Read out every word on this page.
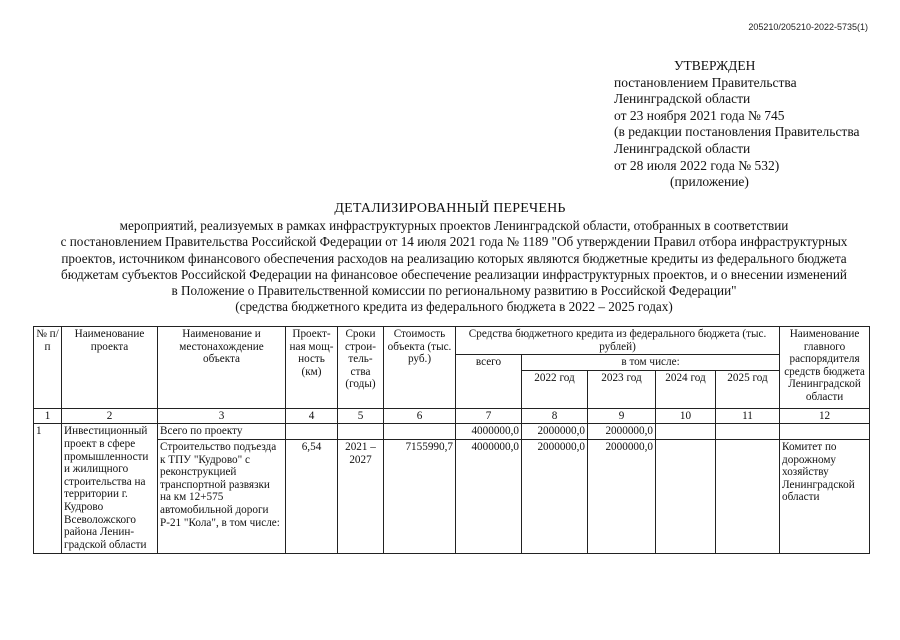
205210/205210-2022-5735(1)
УТВЕРЖДЕН
постановлением Правительства
Ленинградской области
от 23 ноября 2021 года № 745
(в редакции постановления Правительства
Ленинградской области
от 28 июля 2022 года № 532)
(приложение)
ДЕТАЛИЗИРОВАННЫЙ ПЕРЕЧЕНЬ
мероприятий, реализуемых в рамках инфраструктурных проектов Ленинградской области, отобранных в соответствии
с постановлением Правительства Российской Федерации от 14 июля 2021 года № 1189 "Об утверждении Правил отбора инфраструктурных
проектов, источником финансового обеспечения расходов на реализацию которых являются бюджетные кредиты из федерального бюджета
бюджетам субъектов Российской Федерации на финансовое обеспечение реализации инфраструктурных проектов, и о внесении изменений
в Положение о Правительственной комиссии по региональному развитию в Российской Федерации"
(средства бюджетного кредита из федерального бюджета в 2022 – 2025 годах)
№ п/п	Наименование проекта	Наименование и местонахождение объекта	Проект-ная мощ-ность (км)	Сроки строи-тель-ства (годы)	Стоимость объекта (тыс. руб.)	Средства бюджетного кредита из федерального бюджета (тыс. рублей)					Наименование главного распорядителя средств бюджета Ленинградской области
						всего	в том числе:				
							2022 год	2023 год	2024 год	2025 год	
1	2	3	4	5	6	7	8	9	10	11	12
1	Инвестиционный проект в сфере промышленности и жилищного строительства на территории г. Кудрово Всеволожского района Ленин-градской области	Всего по проекту				4000000,0	2000000,0	2000000,0			
		Строительство подъезда к ТПУ "Кудрово" с реконструкцией транспортной развязки на км 12+575 автомобильной дороги Р-21 "Кола", в том числе:	6,54	2021 – 2027	7155990,7	4000000,0	2000000,0	2000000,0			Комитет по дорожному хозяйству Ленинградской области
